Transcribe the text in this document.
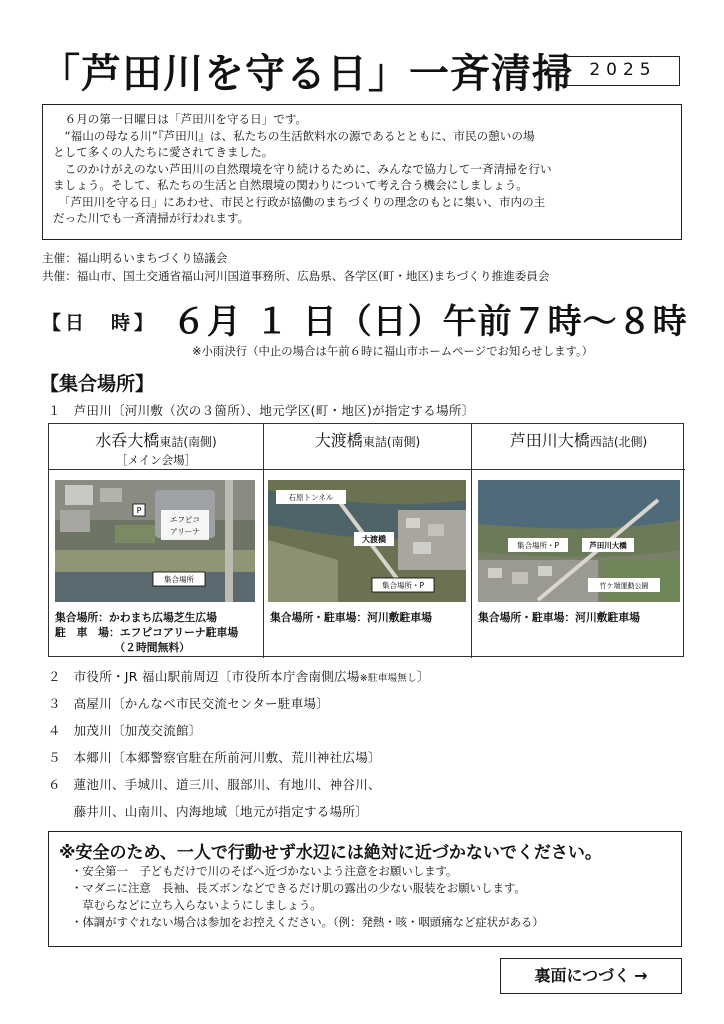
「芦田川を守る日」一斉清掃 2025

　６月の第一日曜日は「芦田川を守る日」です。

　“福山の母なる川”『芦田川』は、私たちの生活飲料水の源であるとともに、市民の憩いの場

として多くの人たちに愛されてきました。

　このかけがえのない芦田川の自然環境を守り続けるために、みんなで協力して一斉清掃を行い

ましょう。そして、私たちの生活と自然環境の関わりについて考え合う機会にしましょう。

　「芦田川を守る日」にあわせ、市民と行政が協働のまちづくりの理念のもとに集い、市内の主

だった川でも一斉清掃が行われます。

主催：福山明るいまちづくり協議会
共催：福山市、国土交通省福山河川国道事務所、広島県、各学区(町・地区)まちづくり推進委員会
【日　時】 ６月 １ 日（日）午前７時～８時
※小雨決行（中止の場合は午前６時に福山市ホームページでお知らせします。）
【集合場所】
１　芦田川〔河川敷（次の３箇所）、地元学区(町・地区)が指定する場所〕
水呑大橋東詰(南側)
［メイン会場］
P
エフピコ
アリーナ
集合場所
集合場所：かわまち広場芝生広場
駐　車　場：エフピコアリーナ駐車場
　　　　　　（２時間無料）
大渡橋東詰(南側)
石原トンネル
大渡橋
集合場所・P
集合場所・駐車場：河川敷駐車場
芦田川大橋西詰(北側)
集合場所・P	芦田川大橋
竹ケ端運動公園
集合場所・駐車場：河川敷駐車場
２　市役所・JR 福山駅前周辺〔市役所本庁舎南側広場※駐車場無し〕
３　高屋川〔かんなべ市民交流センター駐車場〕
４　加茂川〔加茂交流館〕
５　本郷川〔本郷警察官駐在所前河川敷、荒川神社広場〕
６　蓮池川、手城川、道三川、服部川、有地川、神谷川、
　　藤井川、山南川、内海地域〔地元が指定する場所〕
※安全のため、一人で行動せず水辺には絶対に近づかないでください。
・安全第一　子どもだけで川のそばへ近づかないよう注意をお願いします。
・マダニに注意　長袖、長ズボンなどできるだけ肌の露出の少ない服装をお願いします。
　草むらなどに立ち入らないようにしましょう。
・体調がすぐれない場合は参加をお控えください。（例：発熱・咳・咽頭痛など症状がある）
裏面につづく →
